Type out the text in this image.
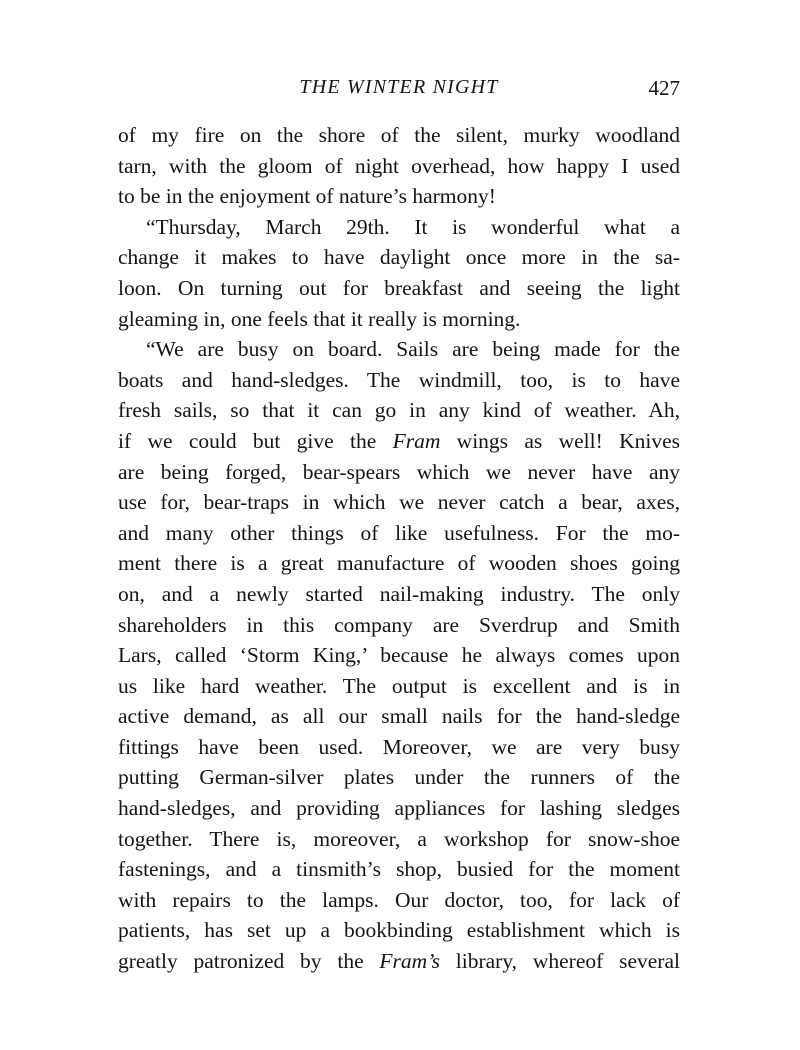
THE WINTER NIGHT	427
of my fire on the shore of the silent, murky woodland
tarn, with the gloom of night overhead, how happy I used
to be in the enjoyment of nature’s harmony!
“Thursday, March 29th. It is wonderful what a
change it makes to have daylight once more in the sa-
loon. On turning out for breakfast and seeing the light
gleaming in, one feels that it really is morning.
“We are busy on board. Sails are being made for the
boats and hand-sledges. The windmill, too, is to have
fresh sails, so that it can go in any kind of weather. Ah,
if we could but give the Fram wings as well! Knives
are being forged, bear-spears which we never have any
use for, bear-traps in which we never catch a bear, axes,
and many other things of like usefulness. For the mo-
ment there is a great manufacture of wooden shoes going
on, and a newly started nail-making industry. The only
shareholders in this company are Sverdrup and Smith
Lars, called ‘Storm King,’ because he always comes upon
us like hard weather. The output is excellent and is in
active demand, as all our small nails for the hand-sledge
fittings have been used. Moreover, we are very busy
putting German-silver plates under the runners of the
hand-sledges, and providing appliances for lashing sledges
together. There is, moreover, a workshop for snow-shoe
fastenings, and a tinsmith’s shop, busied for the moment
with repairs to the lamps. Our doctor, too, for lack of
patients, has set up a bookbinding establishment which is
greatly patronized by the Fram’s library, whereof several
